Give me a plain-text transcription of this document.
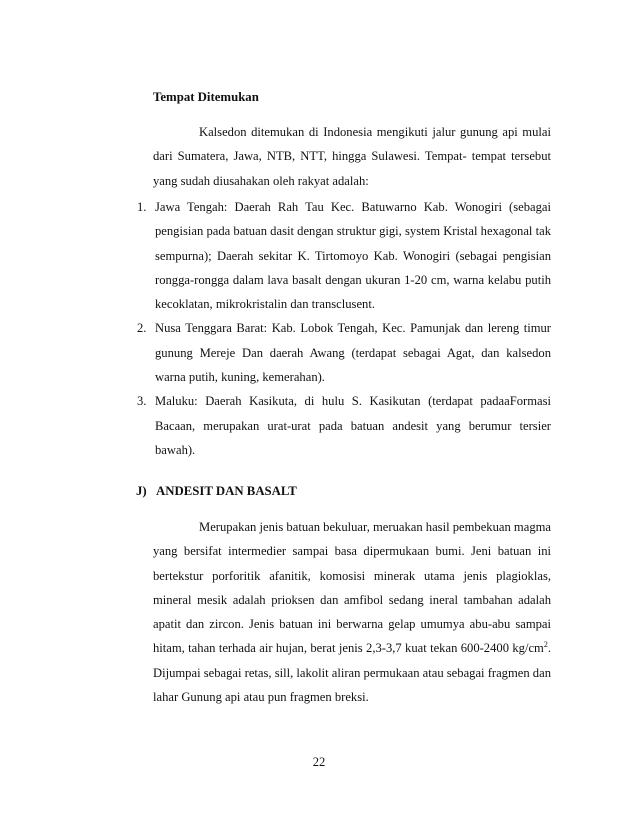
Tempat Ditemukan

Kalsedon ditemukan di Indonesia mengikuti jalur gunung api mulai dari Sumatera, Jawa, NTB, NTT, hingga Sulawesi. Tempat- tempat tersebut yang sudah diusahakan oleh rakyat adalah:

1. Jawa Tengah: Daerah Rah Tau Kec. Batuwarno Kab. Wonogiri (sebagai pengisian pada batuan dasit dengan struktur gigi, system Kristal hexagonal tak sempurna); Daerah sekitar K. Tirtomoyo Kab. Wonogiri (sebagai pengisian rongga-rongga dalam lava basalt dengan ukuran 1-20 cm, warna kelabu putih kecoklatan, mikrokristalin dan transclusent.
2. Nusa Tenggara Barat: Kab. Lobok Tengah, Kec. Pamunjak dan lereng timur gunung Mereje Dan daerah Awang (terdapat sebagai Agat, dan kalsedon warna putih, kuning, kemerahan).
3. Maluku: Daerah Kasikuta, di hulu S. Kasikutan (terdapat padaaFormasi Bacaan, merupakan urat-urat pada batuan andesit yang berumur tersier bawah).

J) ANDESIT DAN BASALT

Merupakan jenis batuan bekuluar, meruakan hasil pembekuan magma yang bersifat intermedier sampai basa dipermukaan bumi. Jeni batuan ini bertekstur porforitik afanitik, komosisi minerak utama jenis plagioklas, mineral mesik adalah prioksen dan amfibol sedang ineral tambahan adalah apatit dan zircon. Jenis batuan ini berwarna gelap umumya abu-abu sampai hitam, tahan terhada air hujan, berat jenis 2,3-3,7 kuat tekan 600-2400 $kg/cm^2$. Dijumpai sebagai retas, sill, lakolit aliran permukaan atau sebagai fragmen dan lahar Gunung api atau pun fragmen breksi.

22
